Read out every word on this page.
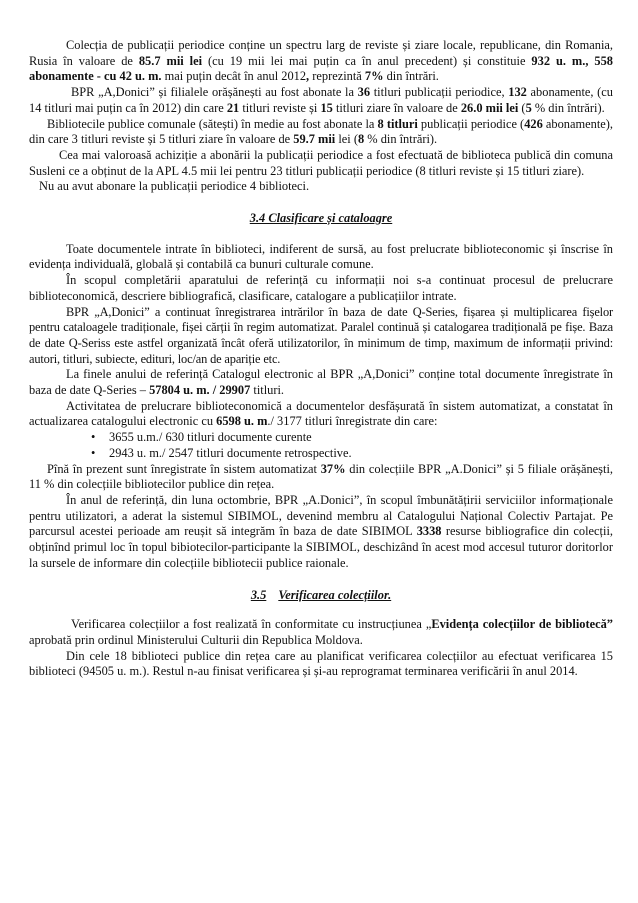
Colecția de publicații periodice conține un spectru larg de reviste și ziare locale, republicane, din Romania, Rusia în valoare de 85.7 mii lei (cu 19 mii lei mai puțin ca în anul precedent) și constituie 932 u. m., 558 abonamente - cu 42 u. m. mai puțin decât în anul 2012, reprezintă 7% din întrări.

BPR „A,Donici” și filialele orășănești au fost abonate la 36 titluri publicații periodice, 132 abonamente, (cu 14 titluri mai puțin ca în 2012) din care 21 titluri reviste și 15 titluri ziare în valoare de 26.0 mii lei (5 % din întrări).

Bibliotecile publice comunale (sătești) în medie au fost abonate la 8 titluri publicații periodice (426 abonamente), din care 3 titluri reviste și 5 titluri ziare în valoare de 59.7 mii lei (8 % din întrări).

Cea mai valoroasă achiziție a abonării la publicații periodice a fost efectuată de biblioteca publică din comuna Susleni ce a obținut de la APL 4.5 mii lei pentru 23 titluri publicații periodice (8 titluri reviste și 15 titluri ziare).

Nu au avut abonare la publicații periodice 4 biblioteci.

3.4 Clasificare și cataloagre

Toate documentele intrate în biblioteci, indiferent de sursă, au fost prelucrate biblioteconomic și înscrise în evidența individuală, globală și contabilă ca bunuri culturale comune.

În scopul completării aparatului de referință cu informații noi s-a continuat procesul de prelucrare biblioteconomică, descriere bibliografică, clasificare, catalogare a publicațiilor intrate.

BPR „A,Donici” a continuat înregistrarea intrărilor în baza de date Q-Series, fișarea și multiplicarea fișelor pentru cataloagele tradiționale, fișei cărții în regim automatizat. Paralel continuă și catalogarea tradițională pe fișe. Baza de date Q-Seriss este astfel organizată încât oferă utilizatorilor, în minimum de timp, maximum de informații privind: autori, titluri, subiecte, edituri, loc/an de apariție etc.

La finele anului de referință Catalogul electronic al BPR „A,Donici” conține total documente înregistrate în baza de date Q-Series – 57804 u. m. / 29907 titluri.

Activitatea de prelucrare biblioteconomică a documentelor desfășurată în sistem automatizat, a constatat în actualizarea catalogului electronic cu 6598 u. m./ 3177 titluri înregistrate din care:

• 3655 u.m./ 630 titluri documente curente
• 2943 u. m./ 2547 titluri documente retrospective.

Pînă în prezent sunt înregistrate în sistem automatizat 37% din colecțiile BPR „A.Donici” și 5 filiale orășănești, 11 % din colecțiile bibliotecilor publice din rețea.

În anul de referință, din luna octombrie, BPR „A.Donici”, în scopul îmbunătățirii serviciilor informaționale pentru utilizatori, a aderat la sistemul SIBIMOL, devenind membru al Catalogului Național Colectiv Partajat. Pe parcursul acestei perioade am reușit să integrăm în baza de date SIBIMOL 3338 resurse bibliografice din colecții, obținînd primul loc în topul bibiotecilor-participante la SIBIMOL, deschizând în acest mod accesul tuturor doritorlor la sursele de informare din colecțiile bibliotecii publice raionale.

3.5 Verificarea colecțiilor.

Verificarea colecțiilor a fost realizată în conformitate cu instrucțiunea „Evidența colecțiilor de bibliotecă” aprobată prin ordinul Ministerului Culturii din Republica Moldova.

Din cele 18 biblioteci publice din rețea care au planificat verificarea colecțiilor au efectuat verificarea 15 biblioteci (94505 u. m.). Restul n-au finisat verificarea și și-au reprogramat terminarea verificării în anul 2014.
